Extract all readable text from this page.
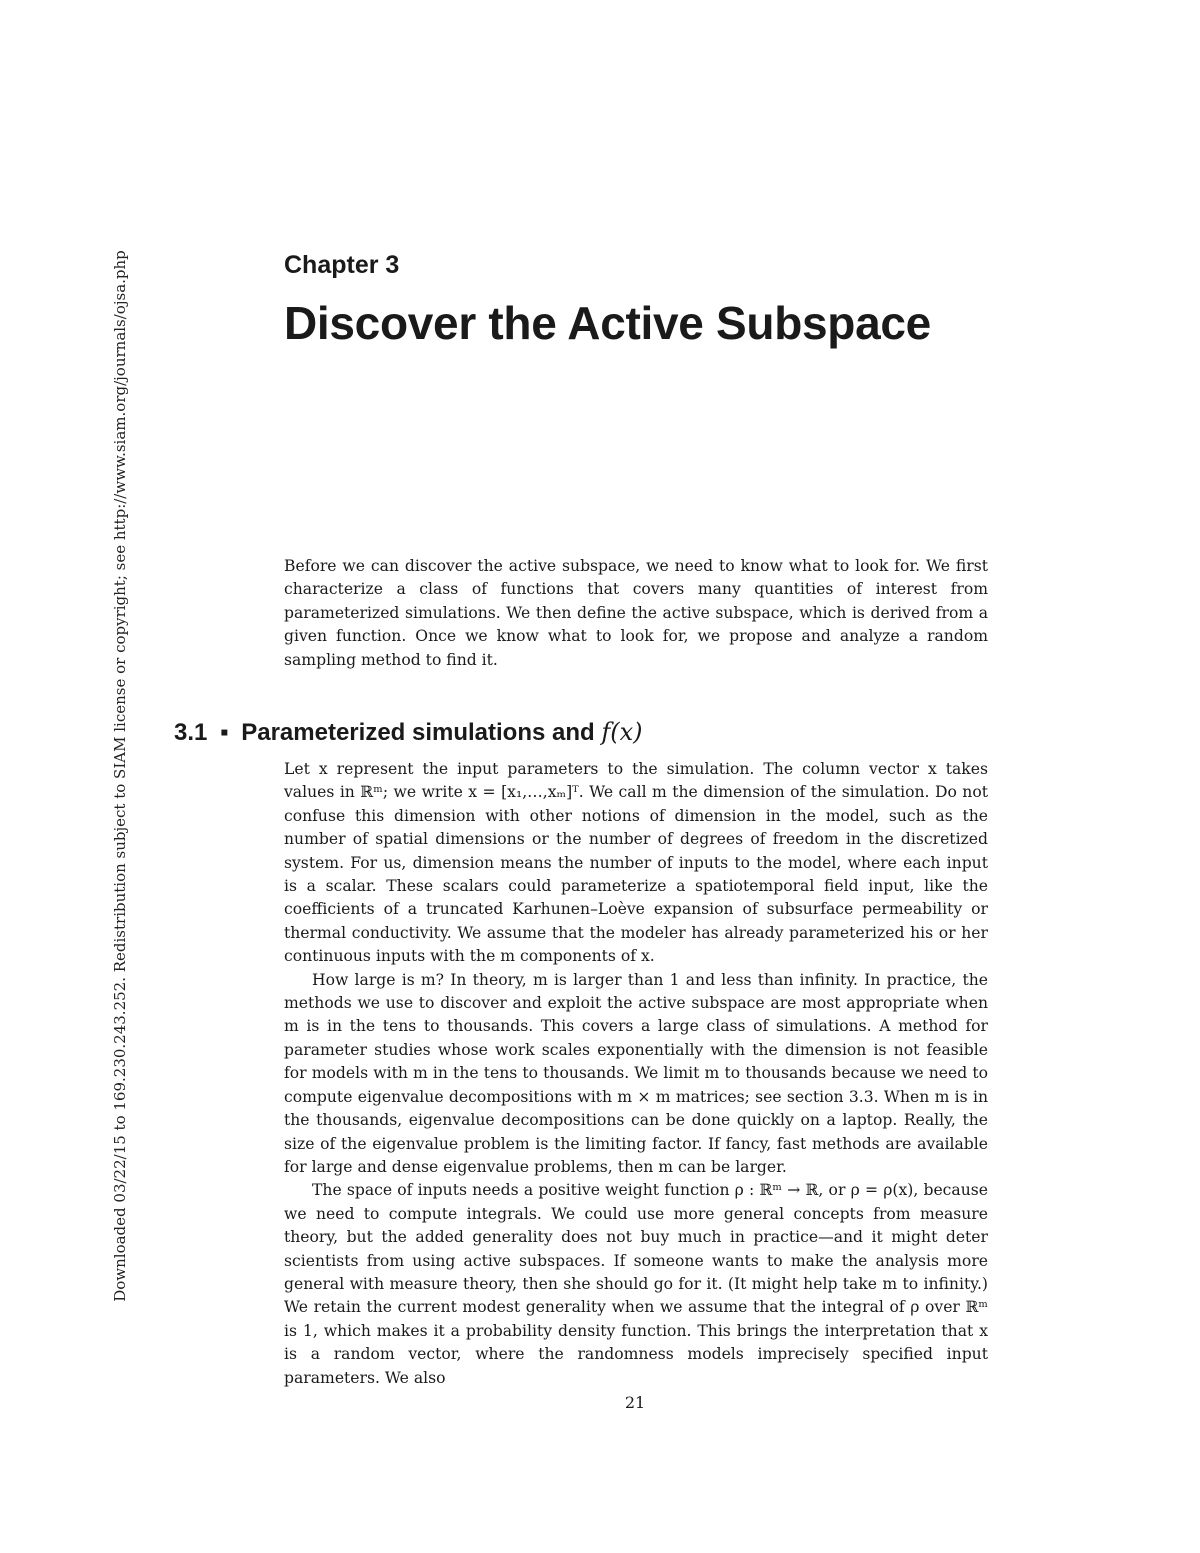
Downloaded 03/22/15 to 169.230.243.252. Redistribution subject to SIAM license or copyright; see http://www.siam.org/journals/ojsa.php	Chapter 3
Discover the Active Subspace

Before we can discover the active subspace, we need to know what to look for. We first characterize a class of functions that covers many quantities of interest from parameterized simulations. We then define the active subspace, which is derived from a given function. Once we know what to look for, we propose and analyze a random sampling method to find it.

3.1 ▪ Parameterized simulations and f(x)

Let x represent the input parameters to the simulation. The column vector x takes values in ℝᵐ; we write x = [x₁,…,xₘ]ᵀ. We call m the dimension of the simulation. Do not confuse this dimension with other notions of dimension in the model, such as the number of spatial dimensions or the number of degrees of freedom in the discretized system. For us, dimension means the number of inputs to the model, where each input is a scalar. These scalars could parameterize a spatiotemporal field input, like the coefficients of a truncated Karhunen–Loève expansion of subsurface permeability or thermal conductivity. We assume that the modeler has already parameterized his or her continuous inputs with the m components of x.

How large is m? In theory, m is larger than 1 and less than infinity. In practice, the methods we use to discover and exploit the active subspace are most appropriate when m is in the tens to thousands. This covers a large class of simulations. A method for parameter studies whose work scales exponentially with the dimension is not feasible for models with m in the tens to thousands. We limit m to thousands because we need to compute eigenvalue decompositions with m × m matrices; see section 3.3. When m is in the thousands, eigenvalue decompositions can be done quickly on a laptop. Really, the size of the eigenvalue problem is the limiting factor. If fancy, fast methods are available for large and dense eigenvalue problems, then m can be larger.

The space of inputs needs a positive weight function ρ : ℝᵐ → ℝ, or ρ = ρ(x), because we need to compute integrals. We could use more general concepts from measure theory, but the added generality does not buy much in practice—and it might deter scientists from using active subspaces. If someone wants to make the analysis more general with measure theory, then she should go for it. (It might help take m to infinity.) We retain the current modest generality when we assume that the integral of ρ over ℝᵐ is 1, which makes it a probability density function. This brings the interpretation that x is a random vector, where the randomness models imprecisely specified input parameters. We also

21
